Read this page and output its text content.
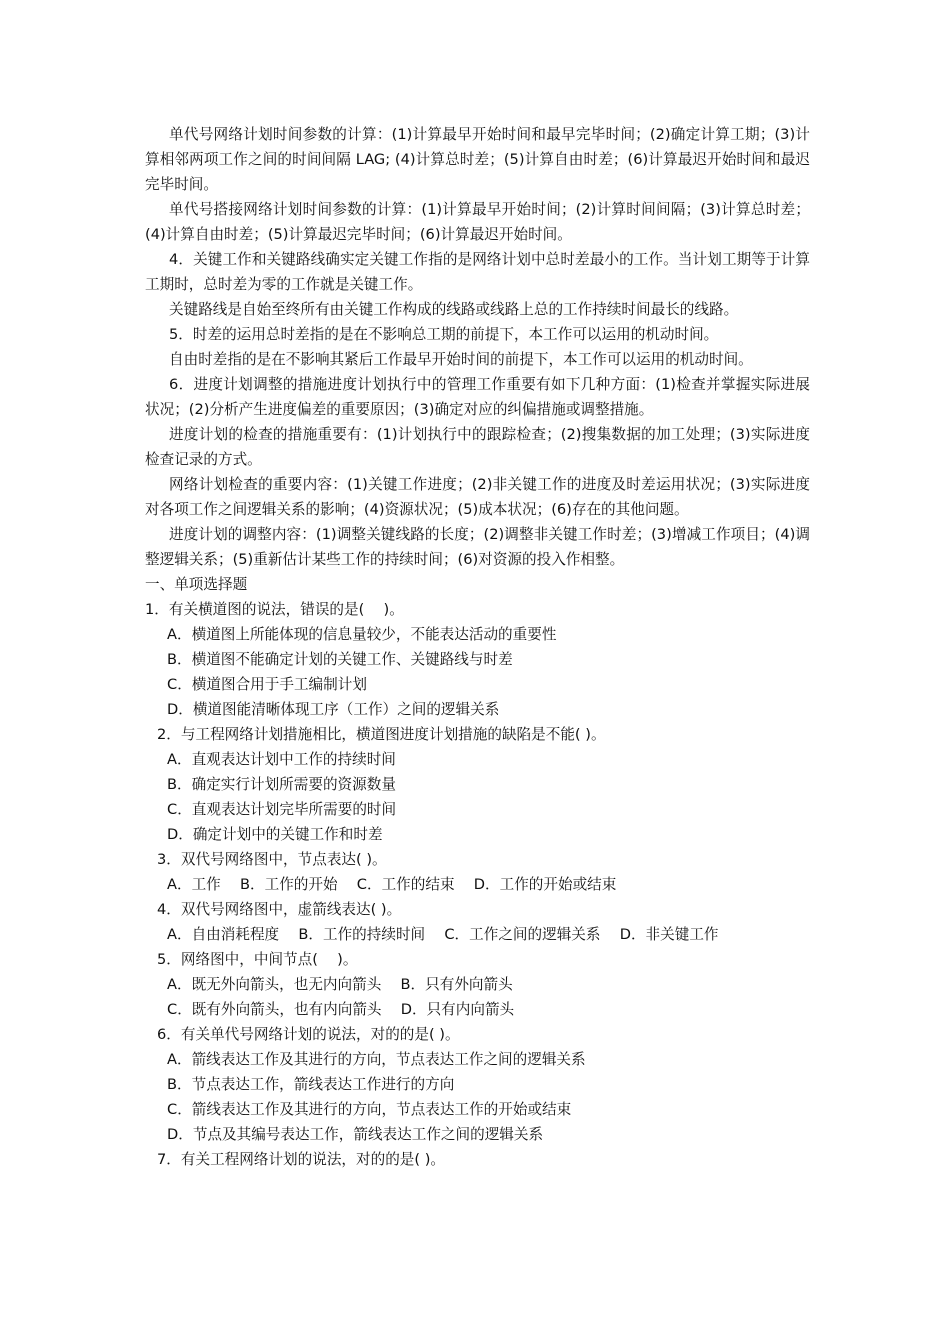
单代号网络计划时间参数的计算：(1)计算最早开始时间和最早完毕时间；(2)确定计算工期；(3)计算相邻两项工作之间的时间间隔 LAG; (4)计算总时差；(5)计算自由时差；(6)计算最迟开始时间和最迟完毕时间。

单代号搭接网络计划时间参数的计算：(1)计算最早开始时间；(2)计算时间间隔；(3)计算总时差；(4)计算自由时差；(5)计算最迟完毕时间；(6)计算最迟开始时间。

4．关键工作和关键路线确实定关键工作指的是网络计划中总时差最小的工作。当计划工期等于计算工期时，总时差为零的工作就是关键工作。

关键路线是自始至终所有由关键工作构成的线路或线路上总的工作持续时间最长的线路。

5．时差的运用总时差指的是在不影响总工期的前提下，本工作可以运用的机动时间。

自由时差指的是在不影响其紧后工作最早开始时间的前提下，本工作可以运用的机动时间。

6．进度计划调整的措施进度计划执行中的管理工作重要有如下几种方面：(1)检查并掌握实际进展状况；(2)分析产生进度偏差的重要原因；(3)确定对应的纠偏措施或调整措施。

进度计划的检查的措施重要有：(1)计划执行中的跟踪检查；(2)搜集数据的加工处理；(3)实际进度检查记录的方式。

网络计划检查的重要内容：(1)关键工作进度；(2)非关键工作的进度及时差运用状况；(3)实际进度对各项工作之间逻辑关系的影响；(4)资源状况；(5)成本状况；(6)存在的其他问题。

进度计划的调整内容：(1)调整关键线路的长度；(2)调整非关键工作时差；(3)增减工作项目；(4)调整逻辑关系；(5)重新估计某些工作的持续时间；(6)对资源的投入作相整。

一、单项选择题

1．有关横道图的说法，错误的是(　 )。

A．横道图上所能体现的信息量较少，不能表达活动的重要性

B．横道图不能确定计划的关键工作、关键路线与时差

C．横道图合用于手工编制计划

D．横道图能清晰体现工序（工作）之间的逻辑关系

2．与工程网络计划措施相比，横道图进度计划措施的缺陷是不能( )。

A．直观表达计划中工作的持续时间

B．确定实行计划所需要的资源数量

C．直观表达计划完毕所需要的时间

D．确定计划中的关键工作和时差

3．双代号网络图中，节点表达( )。

A．工作　 B．工作的开始　 C．工作的结束　 D．工作的开始或结束

4．双代号网络图中，虚箭线表达( )。

A．自由消耗程度　 B．工作的持续时间　 C．工作之间的逻辑关系　 D．非关键工作

5．网络图中，中间节点(　 )。

A．既无外向箭头，也无内向箭头　 B．只有外向箭头

C．既有外向箭头，也有内向箭头　 D．只有内向箭头

6．有关单代号网络计划的说法，对的的是( )。

A．箭线表达工作及其进行的方向，节点表达工作之间的逻辑关系

B．节点表达工作，箭线表达工作进行的方向

C．箭线表达工作及其进行的方向，节点表达工作的开始或结束

D．节点及其编号表达工作，箭线表达工作之间的逻辑关系

7．有关工程网络计划的说法，对的的是( )。
